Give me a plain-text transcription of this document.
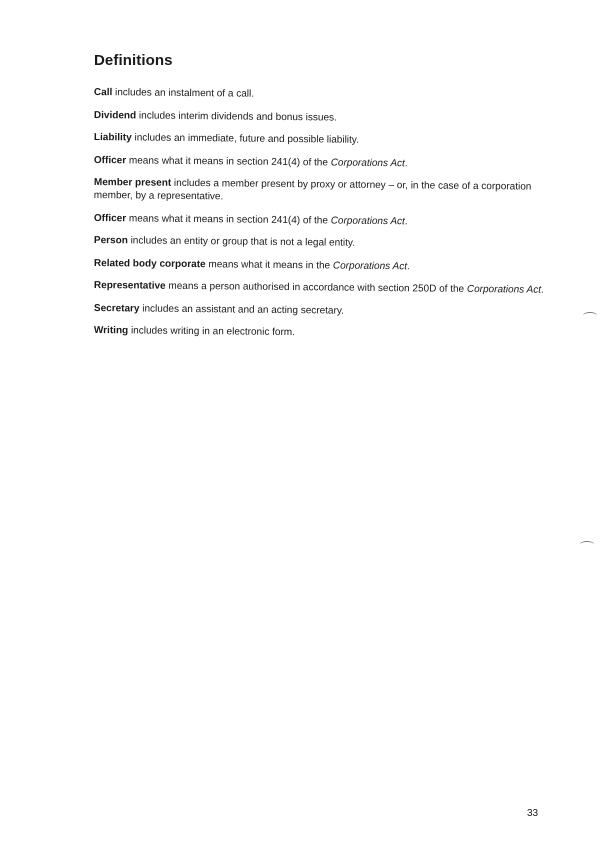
Definitions
Call includes an instalment of a call.
Dividend includes interim dividends and bonus issues.
Liability includes an immediate, future and possible liability.
Officer means what it means in section 241(4) of the Corporations Act.
Member present includes a member present by proxy or attorney – or, in the case of a corporation member, by a representative.
Officer means what it means in section 241(4) of the Corporations Act.
Person includes an entity or group that is not a legal entity.
Related body corporate means what it means in the Corporations Act.
Representative means a person authorised in accordance with section 250D of the Corporations Act.
Secretary includes an assistant and an acting secretary.
Writing includes writing in an electronic form.
33
